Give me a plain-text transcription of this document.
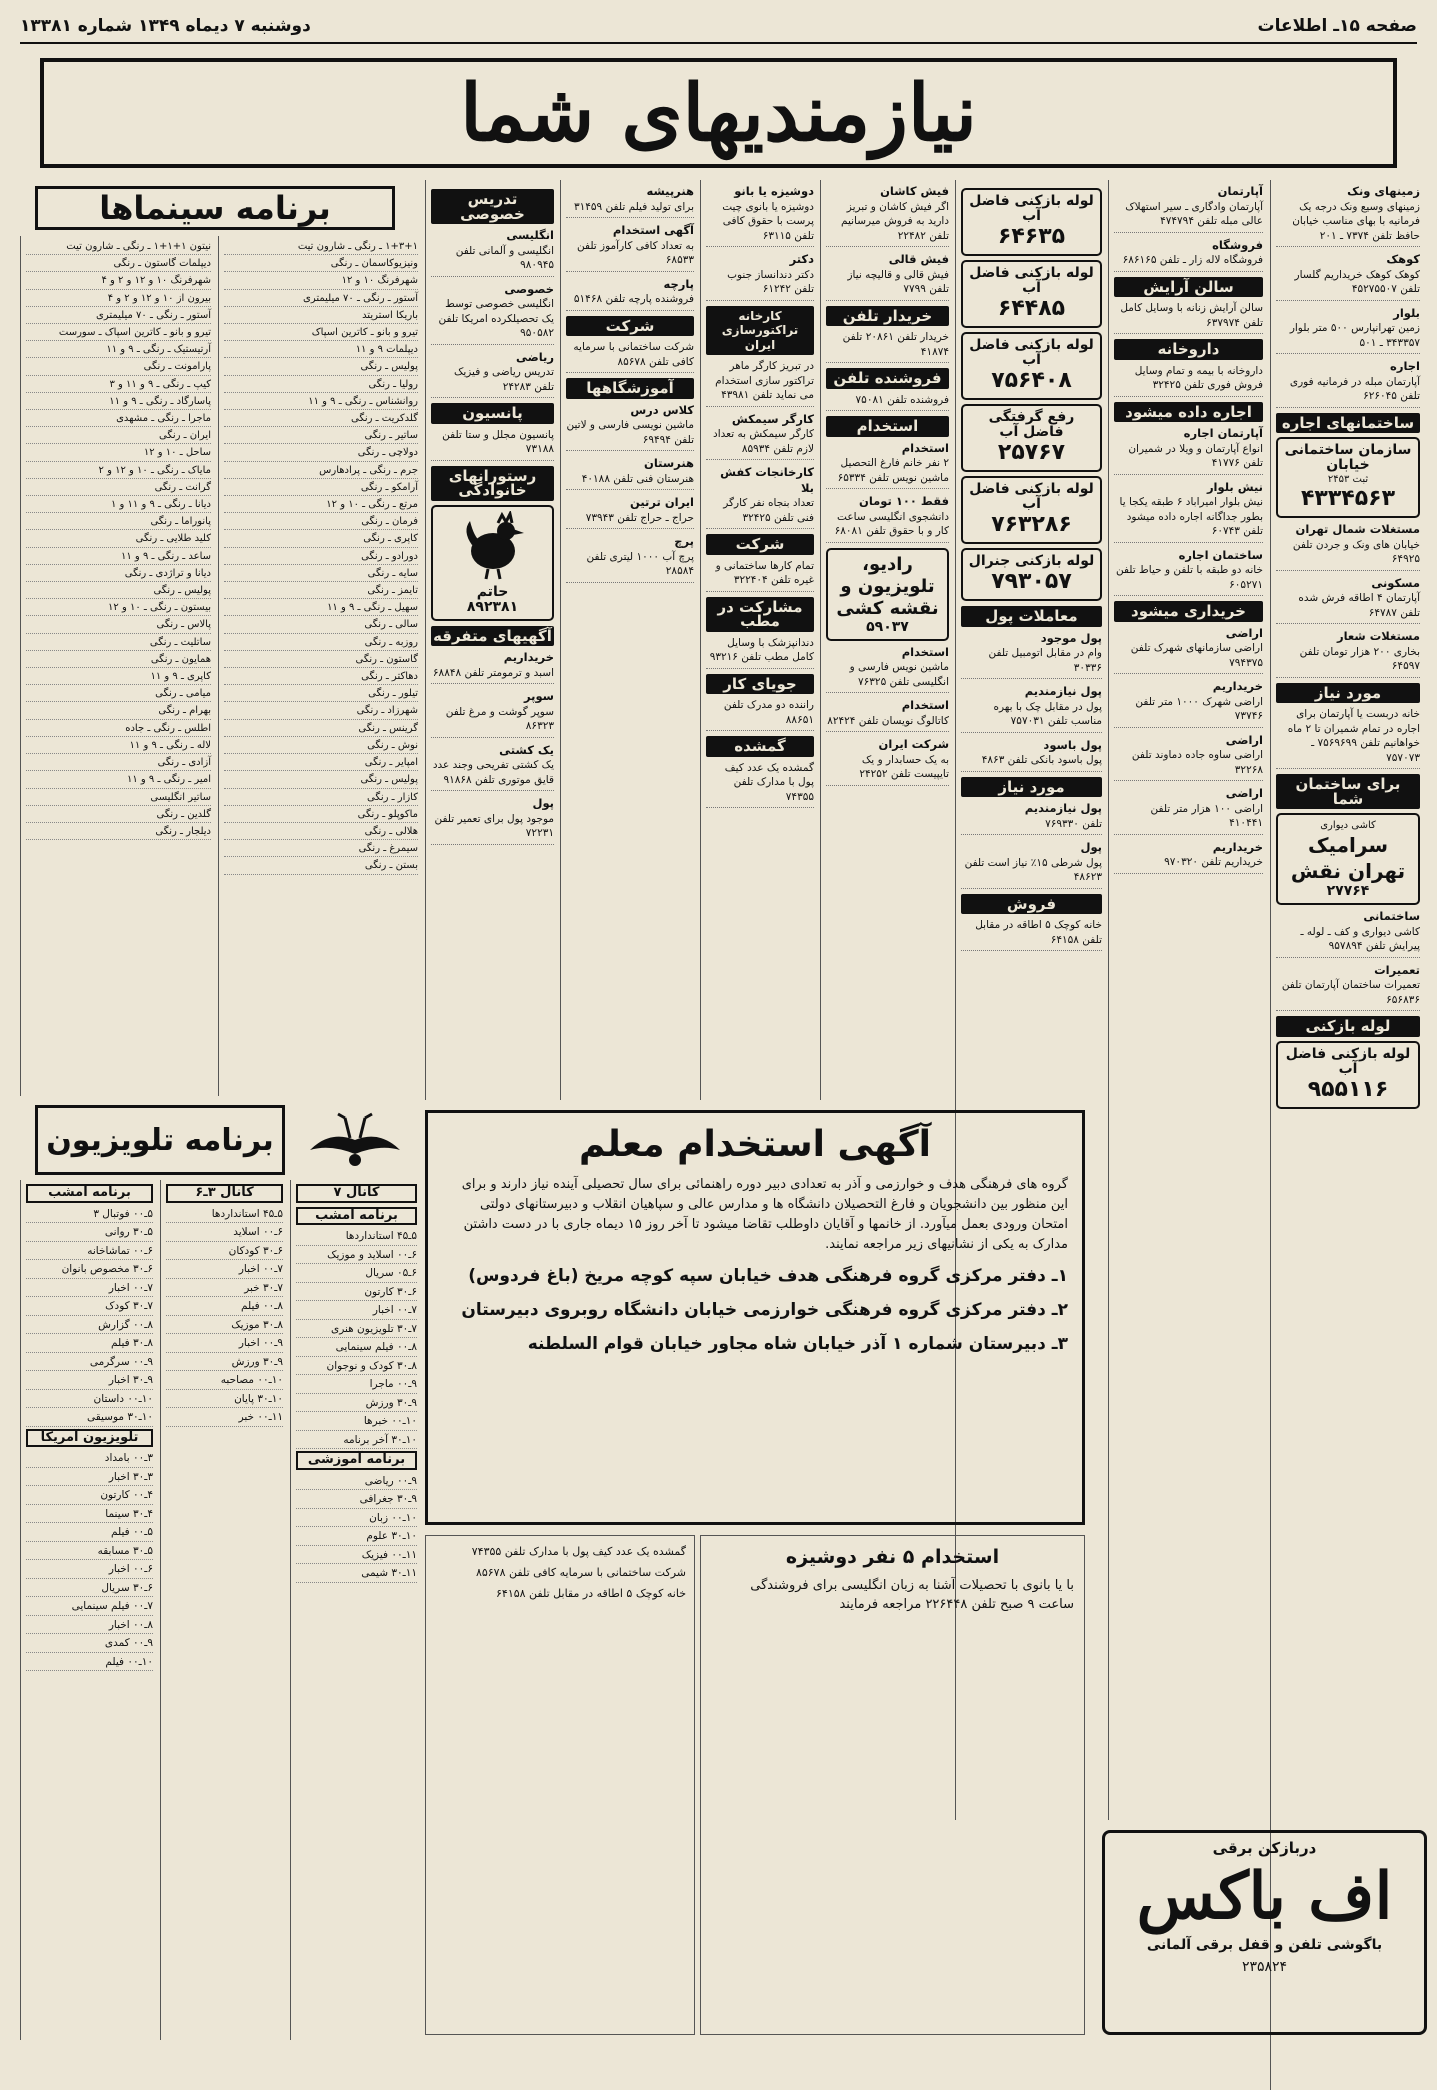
صفحه ۱۵ـ اطلاعات
دوشنبه ۷ دیماه ۱۳۴۹ شماره ۱۳۳۸۱
نیازمندیهای شما
زمینهای ونک
زمینهای وسیع ونک درجه یک فرمانیه با بهای مناسب خیابان حافظ تلفن ۷۳۷۴ ـ ۲۰۱
کوهک
کوهک کوهک خریداریم گلسار تلفن ۴۵۲۷۵۵۰۷
بلوار
زمین تهرانپارس ۵۰۰ متر بلوار ۳۴۳۳۵۷ ـ ۵۰۱
اجاره
آپارتمان مبله در فرمانیه فوری تلفن ۶۲۶۰۴۵
ساختمانهای اجاره
سازمان ساختمانی خیابان
ثبت ۲۴۵۳
۴۳۳۴۵۶۳
مستغلات شمال تهران
خیابان های ونک و جردن تلفن ۶۴۹۲۵
مسکونی
آپارتمان ۴ اطاقه فرش شده تلفن ۶۴۷۸۷
مستغلات شعار
بخاری ۲۰۰ هزار تومان تلفن ۶۴۵۹۷
مورد نیاز
خانه دربست یا آپارتمان برای اجاره در تمام شمیران تا ۲ ماه خواهانیم تلفن ۷۵۶۹۶۹۹ ـ ۷۵۷۰۷۳
برای ساختمان شما
کاشی دیواری
سرامیک تهران نقش
۲۷۷۶۴
ساختمانی
کاشی دیواری و کف ـ لوله ـ پیرایش تلفن ۹۵۷۸۹۴
تعمیرات
تعمیرات ساختمان آپارتمان تلفن ۶۵۶۸۳۶
لوله بازکنی
لوله بازکنی فاضل آب
۹۵۵۱۱۶
آپارتمان
آپارتمان وادگاری ـ سیر استهلاک عالی مبله تلفن ۴۷۴۷۹۴
فروشگاه
فروشگاه لاله زار ـ تلفن ۶۸۶۱۶۵
سالن آرایش
سالن آرایش زنانه با وسایل کامل تلفن ۶۳۷۹۷۴
داروخانه
داروخانه با بیمه و تمام وسایل فروش فوری تلفن ۳۲۴۲۵
اجاره داده میشود
آپارتمان اجاره
انواع آپارتمان و ویلا در شمیران تلفن ۴۱۷۷۶
نیش بلوار
نیش بلوار امیراباد ۶ طبقه یکجا یا بطور جداگانه اجاره داده میشود تلفن ۶۰۷۴۳
ساختمان اجاره
خانه دو طبقه با تلفن و حیاط تلفن ۶۰۵۲۷۱
خریداری میشود
اراضی
اراضی سازمانهای شهرک تلفن ۷۹۴۳۷۵
خریداریم
اراضی شهرک ۱۰۰۰ متر تلفن ۷۳۷۴۶
اراضی
اراضی ساوه جاده دماوند تلفن ۳۲۲۶۸
اراضی
اراضی ۱۰۰ هزار متر تلفن ۴۱۰۴۴۱
خریداریم
خریداریم تلفن ۹۷۰۳۲۰
لوله بازکنی فاضل آب
۶۴۶۳۵
لوله بازکنی فاضل آب
۶۴۴۸۵
لوله بازکنی فاضل آب
۷۵۶۴۰۸
رفع گرفتگی فاضل آب
۲۵۷۶۷
لوله بازکنی فاضل آب
۷۶۳۲۸۶
لوله بازکنی جنرال
۷۹۳۰۵۷
معاملات پول
پول موجود
وام در مقابل اتومبیل تلفن ۳۰۳۳۶
پول نیازمندیم
پول در مقابل چک با بهره مناسب تلفن ۷۵۷۰۳۱
پول باسود
پول باسود بانکی تلفن ۴۸۶۳
مورد نیاز
پول نیازمندیم
تلفن ۷۶۹۳۳۰
پول
پول شرطی ۱۵٪ نیاز است تلفن ۴۸۶۲۳
فروش
خانه کوچک ۵ اطاقه در مقابل تلفن ۶۴۱۵۸
فیش کاشان
اگر فیش کاشان و تبریز دارید به فروش میرسانیم تلفن ۲۲۴۸۲
فیش قالی
فیش قالی و قالیچه نیاز تلفن ۷۷۹۹
خریدار تلفن
خریدار تلفن ۲۰۸۶۱ تلفن ۴۱۸۷۴
فروشنده تلفن
فروشنده تلفن ۷۵۰۸۱
استخدام
استخدام
۲ نفر خانم فارغ التحصیل ماشین نویس تلفن ۶۵۳۳۴
فقط ۱۰۰ تومان
دانشجوی انگلیسی ساعت کار و با حقوق تلفن ۶۸۰۸۱
رادیو، تلویزیون و نقشه کشی
۵۹۰۳۷
استخدام
ماشین نویس فارسی و انگلیسی تلفن ۷۶۳۲۵
استخدام
کاتالوگ نویسان تلفن ۸۲۴۲۴
شرکت ایران
به یک حسابدار و یک تایپیست تلفن ۲۴۲۵۲
دوشیزه یا بانو
دوشیزه یا بانوی چیت پرست با حقوق کافی تلفن ۶۳۱۱۵
دکتر
دکتر دندانساز جنوب تلفن ۶۱۲۴۲
کارخانه تراکتورسازی ایران
در تبریز کارگر ماهر تراکتور سازی استخدام می نماید تلفن ۴۳۹۸۱
کارگر سیمکش
کارگر سیمکش به تعداد لازم تلفن ۸۵۹۳۴
کارخانجات کفش بلا
تعداد بنجاه نفر کارگر فنی تلفن ۳۲۴۲۵
شرکت
تمام کارها ساختمانی و غیره تلفن ۳۲۲۴۰۴
مشارکت در مطب
دندانپزشک با وسایل کامل مطب تلفن ۹۳۲۱۶
جویای کار
راننده دو مدرک تلفن ۸۸۶۵۱
گمشده
گمشده یک عدد کیف پول با مدارک تلفن ۷۴۳۵۵
هنرپیشه
برای تولید فیلم تلفن ۳۱۴۵۹
آگهی استخدام
به تعداد کافی کارآموز تلفن ۶۸۵۳۳
پارچه
فروشنده پارچه تلفن ۵۱۴۶۸
شرکت
شرکت ساختمانی با سرمایه کافی تلفن ۸۵۶۷۸
آموزشگاهها
کلاس درس
ماشین نویسی فارسی و لاتین تلفن ۶۹۴۹۴
هنرستان
هنرستان فنی تلفن ۴۰۱۸۸
ایران ترتین
حراج ـ حراج تلفن ۷۳۹۴۳
پرچ
پرچ آب ۱۰۰۰ لیتری تلفن ۲۸۵۸۴
تدریس خصوصی
انگلیسی
انگلیسی و آلمانی تلفن ۹۸۰۹۴۵
خصوصی
انگلیسی خصوصی توسط یک تحصیلکرده امریکا تلفن ۹۵۰۵۸۲
ریاضی
تدریس ریاضی و فیزیک تلفن ۲۴۲۸۳
پانسیون
پانسیون مجلل و ستا تلفن ۷۳۱۸۸
رستورانهای خانوادگی
حاتم
۸۹۲۳۸۱
آگهیهای متفرقه
خریداریم
اسبد و ترمومتر تلفن ۶۸۸۴۸
سوپر
سوپر گوشت و مرغ تلفن ۸۶۳۲۳
یک کشتی
یک کشتی تفریحی وجند عدد قایق موتوری تلفن ۹۱۸۶۸
پول
موجود پول برای تعمیر تلفن ۷۲۲۳۱
برنامه سینماها
۱+۳+۱ ـ رنگی ـ شارون تیت
ونیزیوکاسمان ـ رنگی
شهرفرنگ ۱۰ و ۱۲
آستور ـ رنگی ـ ۷۰ میلیمتری
باریکا استریتد
تیرو و بانو ـ کاترین اسپاک
دیپلمات ۹ و ۱۱
پولیس ـ رنگی
رولیا ـ رنگی
روانشناس ـ رنگی ـ ۹ و ۱۱
گلدکریت ـ رنگی
ساتیر ـ رنگی
دولاچی ـ رنگی
جرم ـ رنگی ـ پرادهارس
آرامکو ـ رنگی
مرتع ـ رنگی ـ ۱۰ و ۱۲
فرمان ـ رنگی
کاپری ـ رنگی
دورادو ـ رنگی
سایه ـ رنگی
تایمز ـ رنگی
سهیل ـ رنگی ـ ۹ و ۱۱
سالی ـ رنگی
روزبه ـ رنگی
گاستون ـ رنگی
دهاکتر ـ رنگی
تیلور ـ رنگی
شهرزاد ـ رنگی
گرینس ـ رنگی
نوش ـ رنگی
امپایر ـ رنگی
پولیس ـ رنگی
کازار ـ رنگی
ماکوپلو ـ رنگی
هلالی ـ رنگی
سیمرغ ـ رنگی
بستن ـ رنگی
نیتون ۱+۱+۱ ـ رنگی ـ شارون تیت
دیپلمات گاستون ـ رنگی
شهرفرنگ ۱۰ و ۱۲ و ۲ و ۴
بیرون از ۱۰ و ۱۲ و ۲ و ۴
آستور ـ رنگی ـ ۷۰ میلیمتری
تیرو و بانو ـ کاترین اسپاک ـ سورست
آرتیستیک ـ رنگی ـ ۹ و ۱۱
پارامونت ـ رنگی
کیپ ـ رنگی ـ ۹ و ۱۱ و ۳
پاسارگاد ـ رنگی ـ ۹ و ۱۱
ماجرا ـ رنگی ـ مشهدی
ایران ـ رنگی
ساحل ـ ۱۰ و ۱۲
مایاک ـ رنگی ـ ۱۰ و ۱۲ و ۲
گرانت ـ رنگی
دیانا ـ رنگی ـ ۹ و ۱۱ و ۱
پانوراما ـ رنگی
کلید طلایی ـ رنگی
ساعد ـ رنگی ـ ۹ و ۱۱
دیانا و تراژدی ـ رنگی
پولیس ـ رنگی
بیستون ـ رنگی ـ ۱۰ و ۱۲
پالاس ـ رنگی
ساتلیت ـ رنگی
همایون ـ رنگی
کاپری ـ ۹ و ۱۱
میامی ـ رنگی
بهرام ـ رنگی
اطلس ـ رنگی ـ جاده
لاله ـ رنگی ـ ۹ و ۱۱
آزادی ـ رنگی
امیر ـ رنگی ـ ۹ و ۱۱
ساتیر انگلیسی
گلدین ـ رنگی
دیلجار ـ رنگی
برنامه تلویزیون
کانال ۷
برنامه امشب
۵ـ۴۵ استانداردها
۶ـ۰۰ اسلاید و موزیک
۶ـ۰۵ سریال
۶ـ۳۰ کارتون
۷ـ۰۰ اخبار
۷ـ۳۰ تلویزیون هنری
۸ـ۰۰ فیلم سینمایی
۸ـ۳۰ کودک و نوجوان
۹ـ۰۰ ماجرا
۹ـ۳۰ ورزش
۱۰ـ۰۰ خبرها
۱۰ـ۳۰ آخر برنامه
برنامه آموزشی
۹ـ۰۰ ریاضی
۹ـ۳۰ جغرافی
۱۰ـ۰۰ زبان
۱۰ـ۳۰ علوم
۱۱ـ۰۰ فیزیک
۱۱ـ۳۰ شیمی
کانال ۳ـ۶
۵ـ۴۵ استانداردها
۶ـ۰۰ اسلاید
۶ـ۳۰ کودکان
۷ـ۰۰ اخبار
۷ـ۳۰ خبر
۸ـ۰۰ فیلم
۸ـ۳۰ موزیک
۹ـ۰۰ اخبار
۹ـ۳۰ ورزش
۱۰ـ۰۰ مصاحبه
۱۰ـ۳۰ پایان
۱۱ـ۰۰ خبر
برنامه امشب
۵ـ۰۰ فوتبال ۳
۵ـ۳۰ روانی
۶ـ۰۰ تماشاخانه
۶ـ۳۰ مخصوص بانوان
۷ـ۰۰ اخبار
۷ـ۳۰ کودک
۸ـ۰۰ گزارش
۸ـ۳۰ فیلم
۹ـ۰۰ سرگرمی
۹ـ۳۰ اخبار
۱۰ـ۰۰ داستان
۱۰ـ۳۰ موسیقی
تلویزیون آمریکا
۳ـ۰۰ بامداد
۳ـ۳۰ اخبار
۴ـ۰۰ کارتون
۴ـ۳۰ سینما
۵ـ۰۰ فیلم
۵ـ۳۰ مسابقه
۶ـ۰۰ اخبار
۶ـ۳۰ سریال
۷ـ۰۰ فیلم سینمایی
۸ـ۰۰ اخبار
۹ـ۰۰ کمدی
۱۰ـ۰۰ فیلم
آگهی استخدام معلم
گروه های فرهنگی هدف و خوارزمی و آذر به تعدادی دبیر دوره راهنمائی برای سال تحصیلی آینده نیاز دارند و برای این منظور بین دانشجویان و فارغ التحصیلان دانشگاه ها و مدارس عالی و سپاهیان انقلاب و دبیرستانهای دولتی امتحان ورودی بعمل میآورد. از خانمها و آقایان داوطلب تقاضا میشود تا آخر روز ۱۵ دیماه جاری با در دست داشتن مدارک به یکی از نشانیهای زیر مراجعه نمایند.
۱ـ دفتر مرکزی گروه فرهنگی هدف خیابان سپه کوچه مریخ (باغ فردوس)
۲ـ دفتر مرکزی گروه فرهنگی خوارزمی خیابان دانشگاه روبروی دبیرستان
۳ـ دبیرستان شماره ۱ آذر خیابان شاه مجاور خیابان قوام السلطنه
استخدام ۵ نفر دوشیزه
با یا بانوی با تحصیلات آشنا به زبان انگلیسی برای فروشندگی ساعت ۹ صبح تلفن ۲۲۶۴۴۸ مراجعه فرمایند
گمشده یک عدد کیف پول با مدارک تلفن ۷۴۳۵۵
شرکت ساختمانی با سرمایه کافی تلفن ۸۵۶۷۸
خانه کوچک ۵ اطاقه در مقابل تلفن ۶۴۱۵۸
دربازکن برقی
اف باکس
باگوشی تلفن و قفل برقی آلمانی
۲۳۵۸۲۴
